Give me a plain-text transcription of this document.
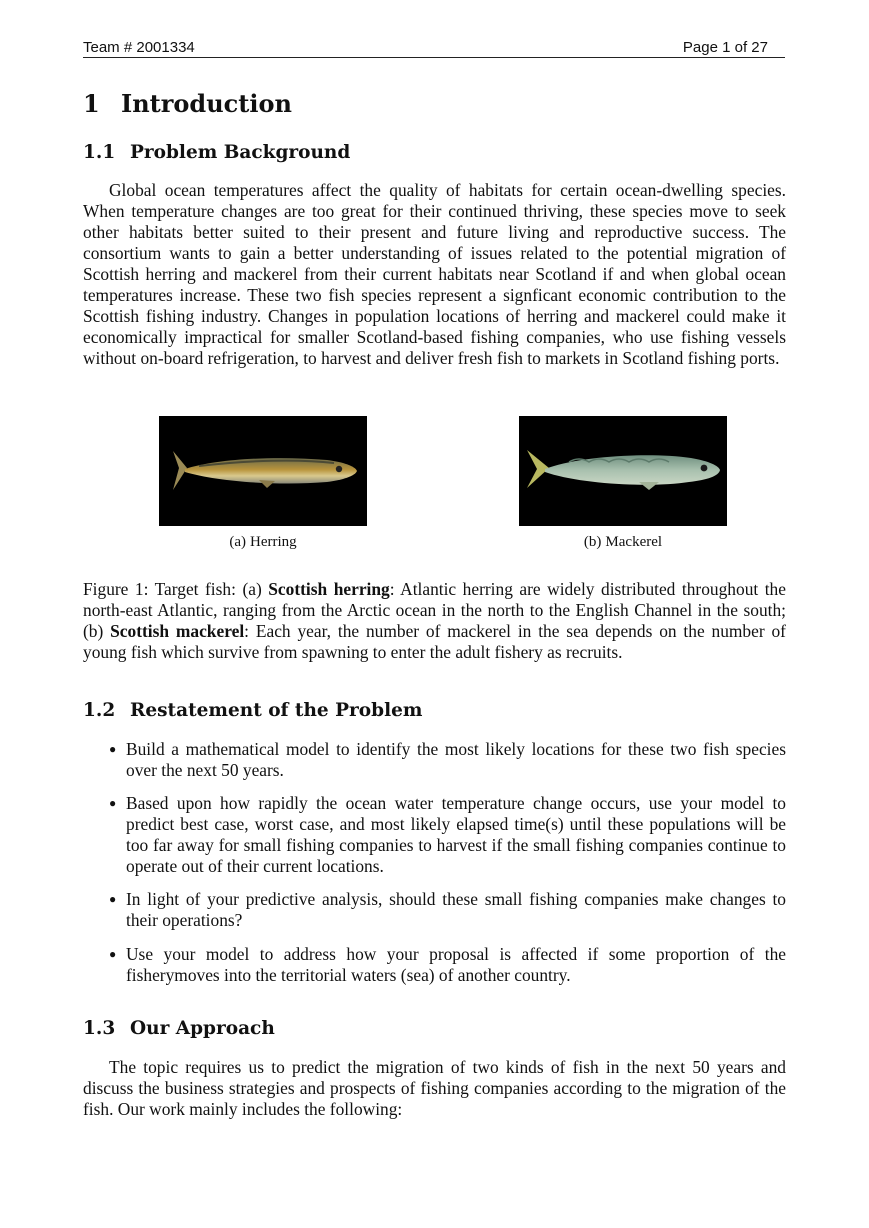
Team # 2001334	Page 1 of 27
1 Introduction
1.1 Problem Background

Global ocean temperatures affect the quality of habitats for certain ocean-dwelling species. When temperature changes are too great for their continued thriving, these species move to seek other habitats better suited to their present and future living and reproductive success. The consortium wants to gain a better understanding of issues related to the potential migration of Scottish herring and mackerel from their current habitats near Scotland if and when global ocean temperatures increase. These two fish species represent a signficant economic contribution to the Scottish fishing industry. Changes in population locations of herring and mackerel could make it economically impractical for smaller Scotland-based fishing companies, who use fishing vessels without on-board refrigeration, to harvest and deliver fresh fish to markets in Scotland fishing ports.

(a) Herring	(b) Mackerel

Figure 1: Target fish: (a) Scottish herring: Atlantic herring are widely distributed throughout the north-east Atlantic, ranging from the Arctic ocean in the north to the English Channel in the south; (b) Scottish mackerel: Each year, the number of mackerel in the sea depends on the number of young fish which survive from spawning to enter the adult fishery as recruits.

1.2 Restatement of the Problem
● Build a mathematical model to identify the most likely locations for these two fish species over the next 50 years.
● Based upon how rapidly the ocean water temperature change occurs, use your model to predict best case, worst case, and most likely elapsed time(s) until these populations will be too far away for small fishing companies to harvest if the small fishing companies continue to operate out of their current locations.
● In light of your predictive analysis, should these small fishing companies make changes to their operations?
● Use your model to address how your proposal is affected if some proportion of the fisherymoves into the territorial waters (sea) of another country.
1.3 Our Approach

The topic requires us to predict the migration of two kinds of fish in the next 50 years and discuss the business strategies and prospects of fishing companies according to the migration of the fish. Our work mainly includes the following:
